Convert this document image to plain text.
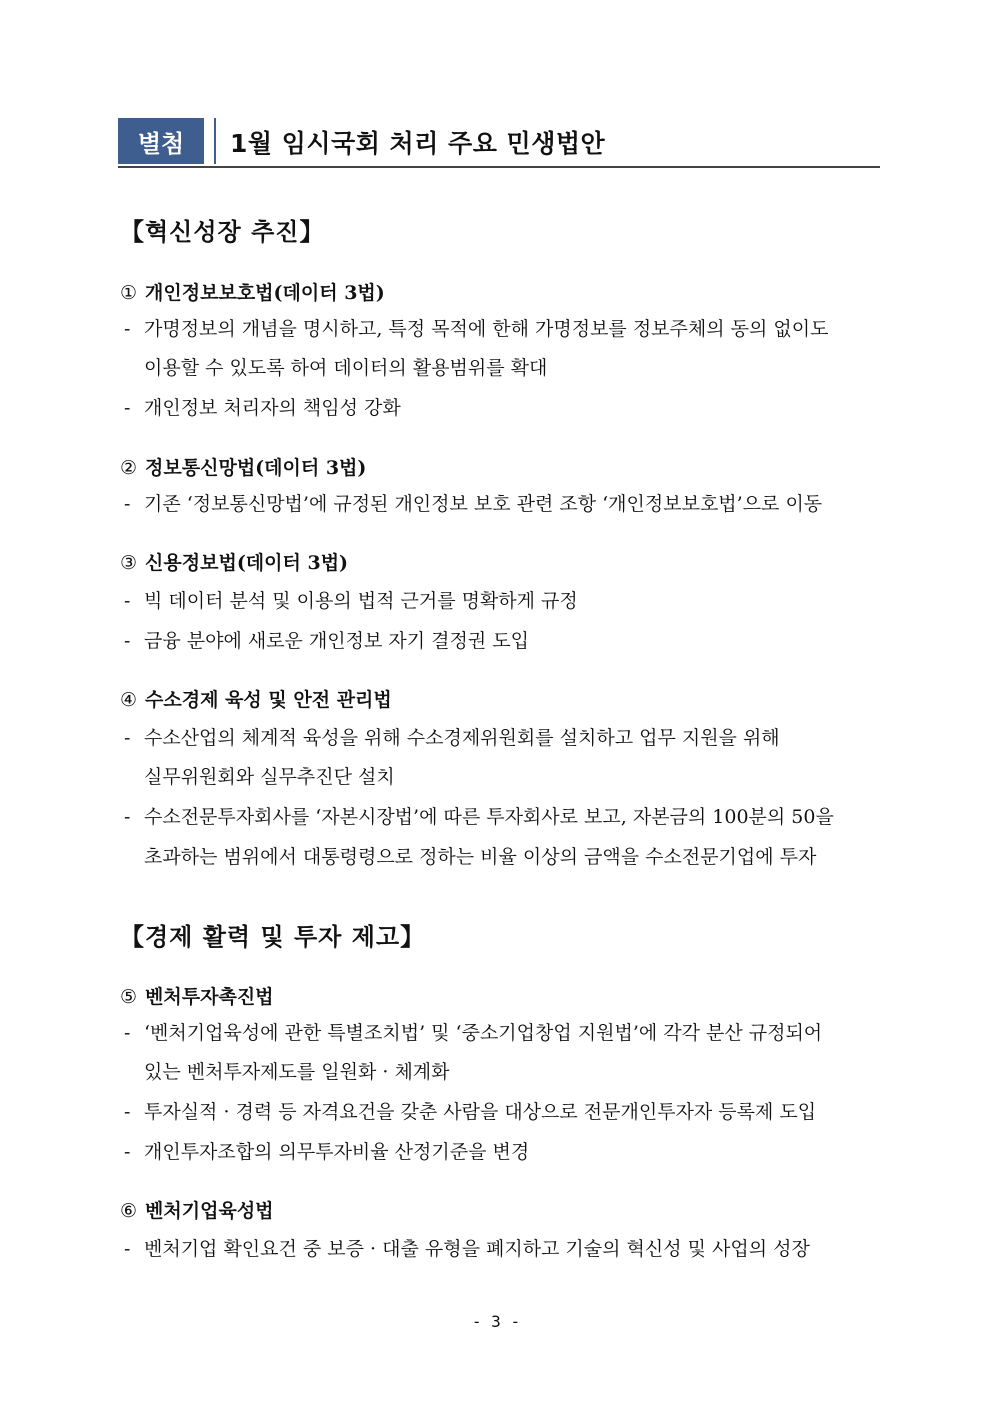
별첨	1월 임시국회 처리 주요 민생법안
【혁신성장 추진】
① 개인정보보호법(데이터 3법)
- 가명정보의 개념을 명시하고, 특정 목적에 한해 가명정보를 정보주체의 동의 없이도
이용할 수 있도록 하여 데이터의 활용범위를 확대
- 개인정보 처리자의 책임성 강화
② 정보통신망법(데이터 3법)
- 기존 ‘정보통신망법’에 규정된 개인정보 보호 관련 조항 ‘개인정보보호법’으로 이동
③ 신용정보법(데이터 3법)
- 빅 데이터 분석 및 이용의 법적 근거를 명확하게 규정
- 금융 분야에 새로운 개인정보 자기 결정권 도입
④ 수소경제 육성 및 안전 관리법
- 수소산업의 체계적 육성을 위해 수소경제위원회를 설치하고 업무 지원을 위해
실무위원회와 실무추진단 설치
- 수소전문투자회사를 ‘자본시장법’에 따른 투자회사로 보고, 자본금의 100분의 50을
초과하는 범위에서 대통령령으로 정하는 비율 이상의 금액을 수소전문기업에 투자
【경제 활력 및 투자 제고】
⑤ 벤처투자촉진법
- ‘벤처기업육성에 관한 특별조치법’ 및 ‘중소기업창업 지원법’에 각각 분산 규정되어
있는 벤처투자제도를 일원화 · 체계화
- 투자실적 · 경력 등 자격요건을 갖춘 사람을 대상으로 전문개인투자자 등록제 도입
- 개인투자조합의 의무투자비율 산정기준을 변경
⑥ 벤처기업육성법
- 벤처기업 확인요건 중 보증 · 대출 유형을 폐지하고 기술의 혁신성 및 사업의 성장
- 3 -
